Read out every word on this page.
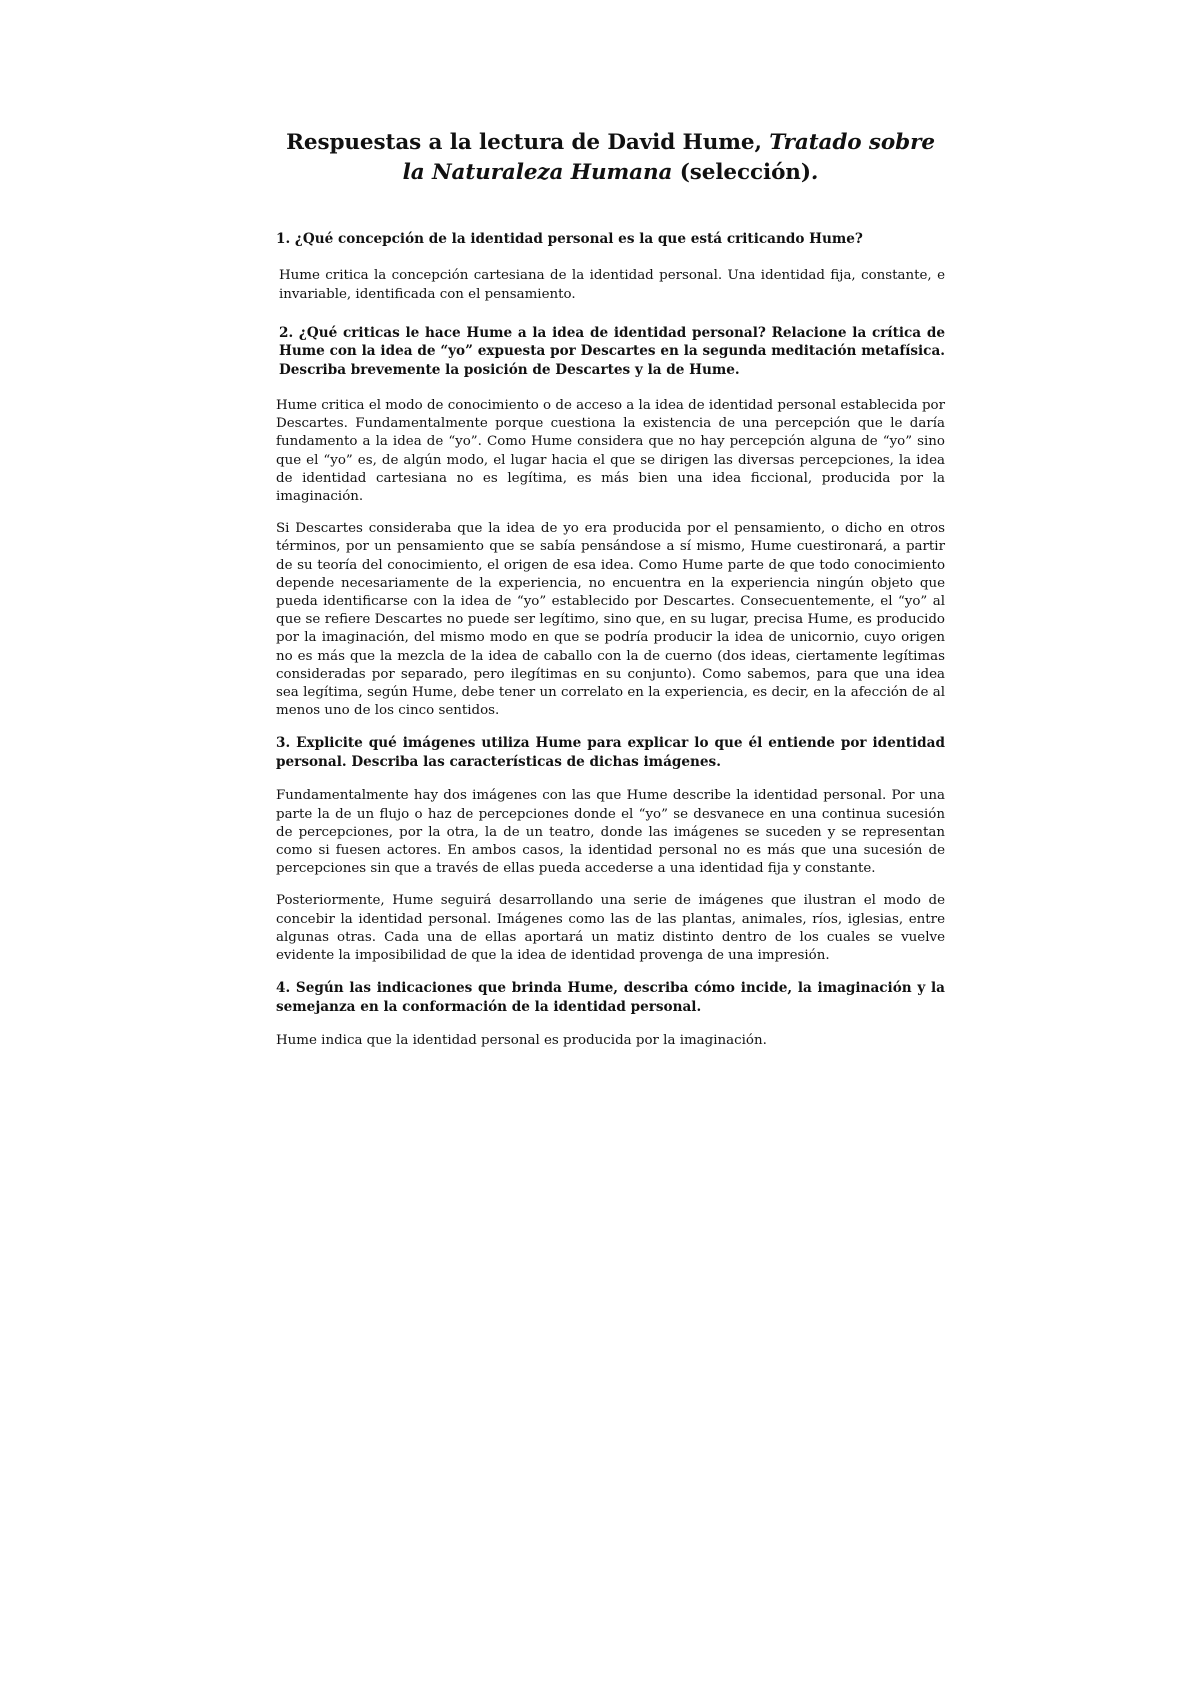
Respuestas a la lectura de David Hume, Tratado sobre la Naturaleza Humana (selección).

1. ¿Qué concepción de la identidad personal es la que está criticando Hume?

Hume critica la concepción cartesiana de la identidad personal. Una identidad fija, constante, e invariable, identificada con el pensamiento.

2. ¿Qué criticas le hace Hume a la idea de identidad personal? Relacione la crítica de Hume con la idea de “yo” expuesta por Descartes en la segunda meditación metafísica. Describa brevemente la posición de Descartes y la de Hume.

Hume critica el modo de conocimiento o de acceso a la idea de identidad personal establecida por Descartes. Fundamentalmente porque cuestiona la existencia de una percepción que le daría fundamento a la idea de “yo”. Como Hume considera que no hay percepción alguna de “yo” sino que el “yo” es, de algún modo, el lugar hacia el que se dirigen las diversas percepciones, la idea de identidad cartesiana no es legítima, es más bien una idea ficcional, producida por la imaginación.

Si Descartes consideraba que la idea de yo era producida por el pensamiento, o dicho en otros términos, por un pensamiento que se sabía pensándose a sí mismo, Hume cuestironará, a partir de su teoría del conocimiento, el origen de esa idea. Como Hume parte de que todo conocimiento depende necesariamente de la experiencia, no encuentra en la experiencia ningún objeto que pueda identificarse con la idea de “yo” establecido por Descartes. Consecuentemente, el “yo” al que se refiere Descartes no puede ser legítimo, sino que, en su lugar, precisa Hume, es producido por la imaginación, del mismo modo en que se podría producir la idea de unicornio, cuyo origen no es más que la mezcla de la idea de caballo con la de cuerno (dos ideas, ciertamente legítimas consideradas por separado, pero ilegítimas en su conjunto). Como sabemos, para que una idea sea legítima, según Hume, debe tener un correlato en la experiencia, es decir, en la afección de al menos uno de los cinco sentidos.

3. Explicite qué imágenes utiliza Hume para explicar lo que él entiende por identidad personal. Describa las características de dichas imágenes.

Fundamentalmente hay dos imágenes con las que Hume describe la identidad personal. Por una parte la de un flujo o haz de percepciones donde el “yo” se desvanece en una continua sucesión de percepciones, por la otra, la de un teatro, donde las imágenes se suceden y se representan como si fuesen actores. En ambos casos, la identidad personal no es más que una sucesión de percepciones sin que a través de ellas pueda accederse a una identidad fija y constante.

Posteriormente, Hume seguirá desarrollando una serie de imágenes que ilustran el modo de concebir la identidad personal. Imágenes como las de las plantas, animales, ríos, iglesias, entre algunas otras. Cada una de ellas aportará un matiz distinto dentro de los cuales se vuelve evidente la imposibilidad de que la idea de identidad provenga de una impresión.

4. Según las indicaciones que brinda Hume, describa cómo incide, la imaginación y la semejanza en la conformación de la identidad personal.

Hume indica que la identidad personal es producida por la imaginación.
